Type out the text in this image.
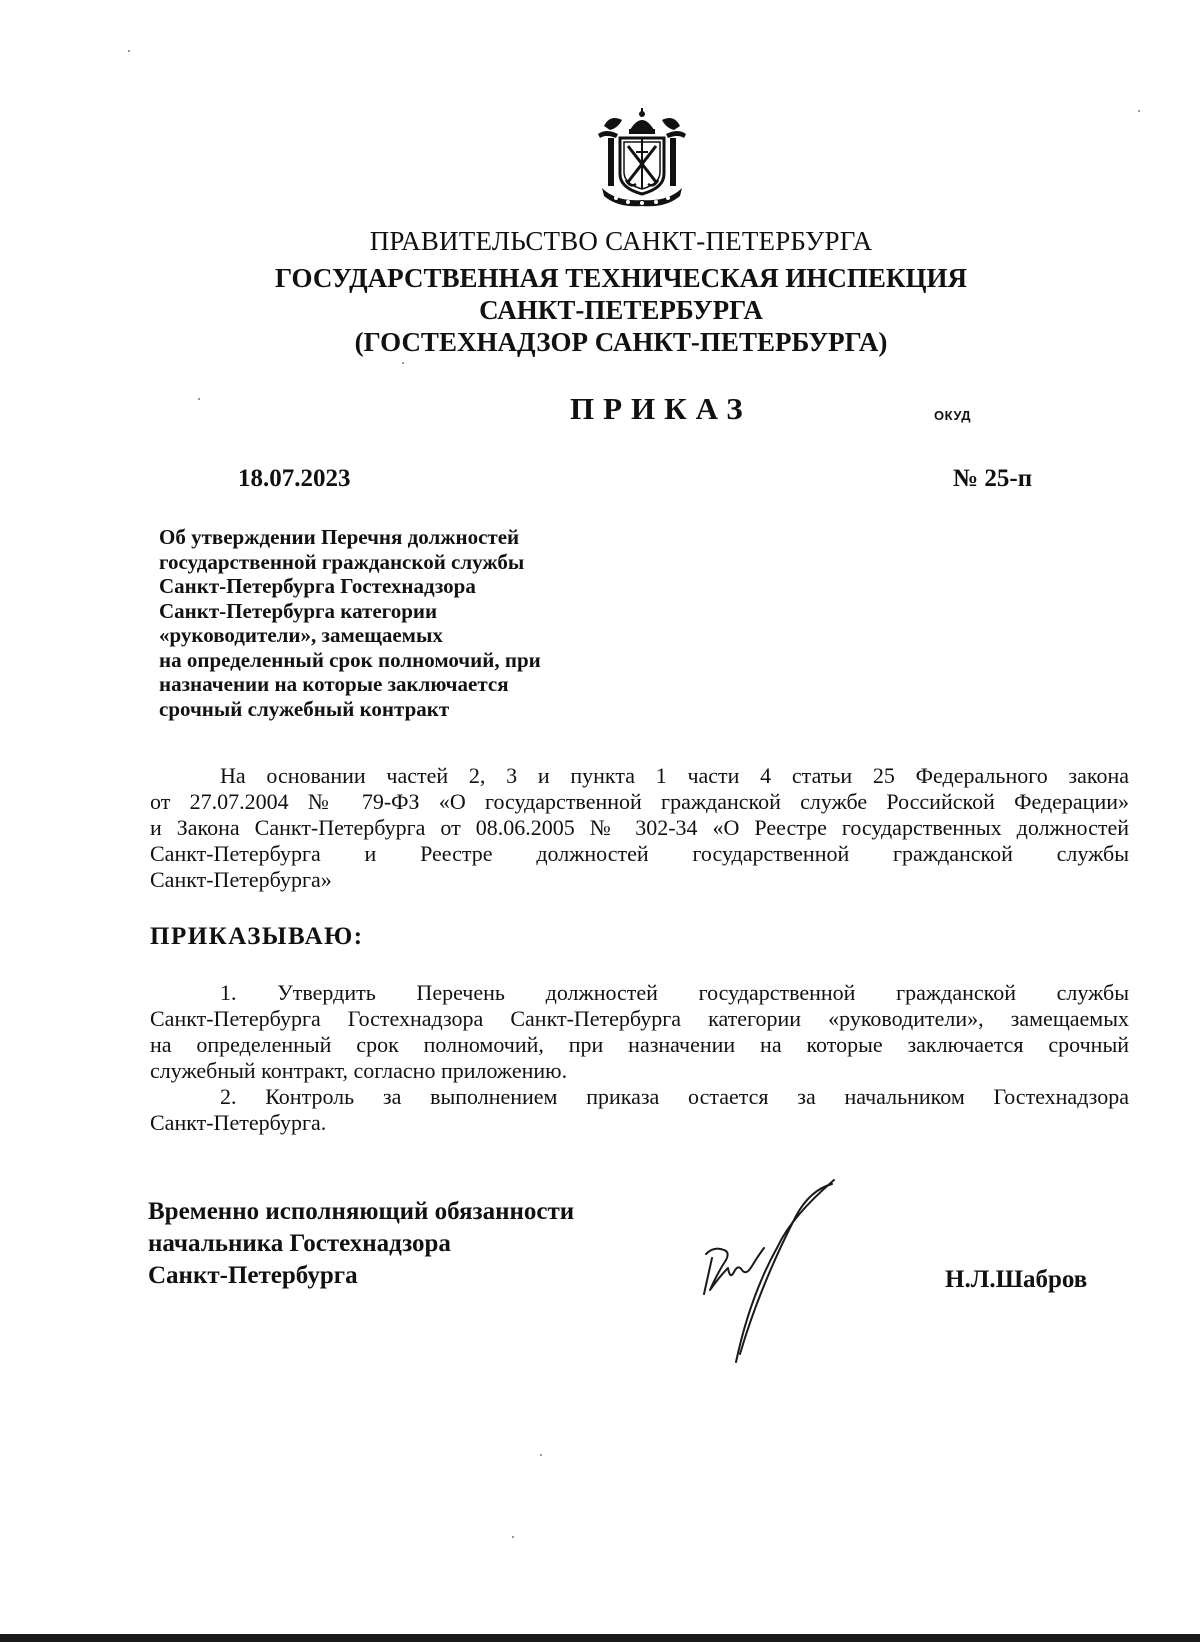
ПРАВИТЕЛЬСТВО САНКТ-ПЕТЕРБУРГА
ГОСУДАРСТВЕННАЯ ТЕХНИЧЕСКАЯ ИНСПЕКЦИЯ
САНКТ-ПЕТЕРБУРГА
(ГОСТЕХНАДЗОР САНКТ-ПЕТЕРБУРГА)
ПРИКАЗ	ОКУД
18.07.2023	№ 25-п
Об утверждении Перечня должностей
государственной гражданской службы
Санкт-Петербурга Гостехнадзора
Санкт-Петербурга категории
«руководители», замещаемых
на определенный срок полномочий, при
назначении на которые заключается
срочный служебный контракт
На основании частей 2, 3 и пункта 1 части 4 статьи 25 Федерального закона
от 27.07.2004 № 79-ФЗ «О государственной гражданской службе Российской Федерации»
и Закона Санкт-Петербурга от 08.06.2005 № 302-34 «О Реестре государственных должностей
Санкт-Петербурга и Реестре должностей государственной гражданской службы
Санкт-Петербурга»
ПРИКАЗЫВАЮ:
1. Утвердить Перечень должностей государственной гражданской службы
Санкт-Петербурга Гостехнадзора Санкт-Петербурга категории «руководители», замещаемых
на определенный срок полномочий, при назначении на которые заключается срочный
служебный контракт, согласно приложению.
2. Контроль за выполнением приказа остается за начальником Гостехнадзора
Санкт-Петербурга.
Временно исполняющий обязанности
начальника Гостехнадзора
Санкт-Петербурга	Н.Л.Шабров
